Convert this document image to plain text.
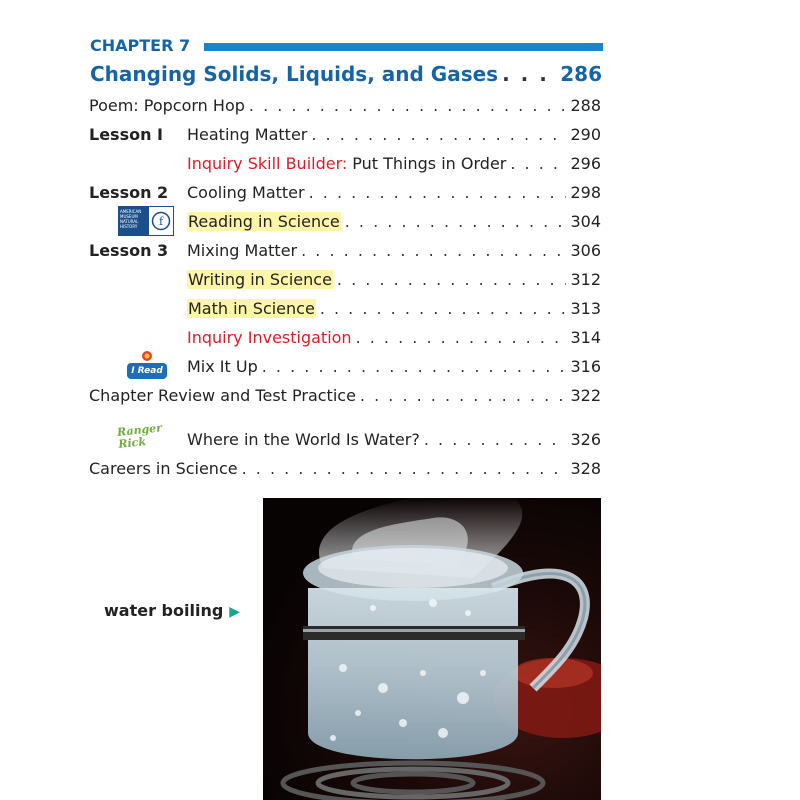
CHAPTER 7
Changing Solids, Liquids, and Gases . . .	286
Poem: Popcorn Hop . . .	288
Lesson I	Heating Matter . . .	290
Inquiry Skill Builder: Put Things in Order . . .	296
Lesson 2	Cooling Matter . . .	298
AMERICAN MUSEUM NATURAL HISTORY	f Reading in Science . . .	304
Lesson 3	Mixing Matter . . .	306
Writing in Science . . .	312
Math in Science . . .	313
Inquiry Investigation . . .	314
I Read Mix It Up . . .	316
Chapter Review and Test Practice . . .	322
Ranger Rick	Where in the World Is Water? . . .	326
Careers in Science . . .	328
water boiling ▶
